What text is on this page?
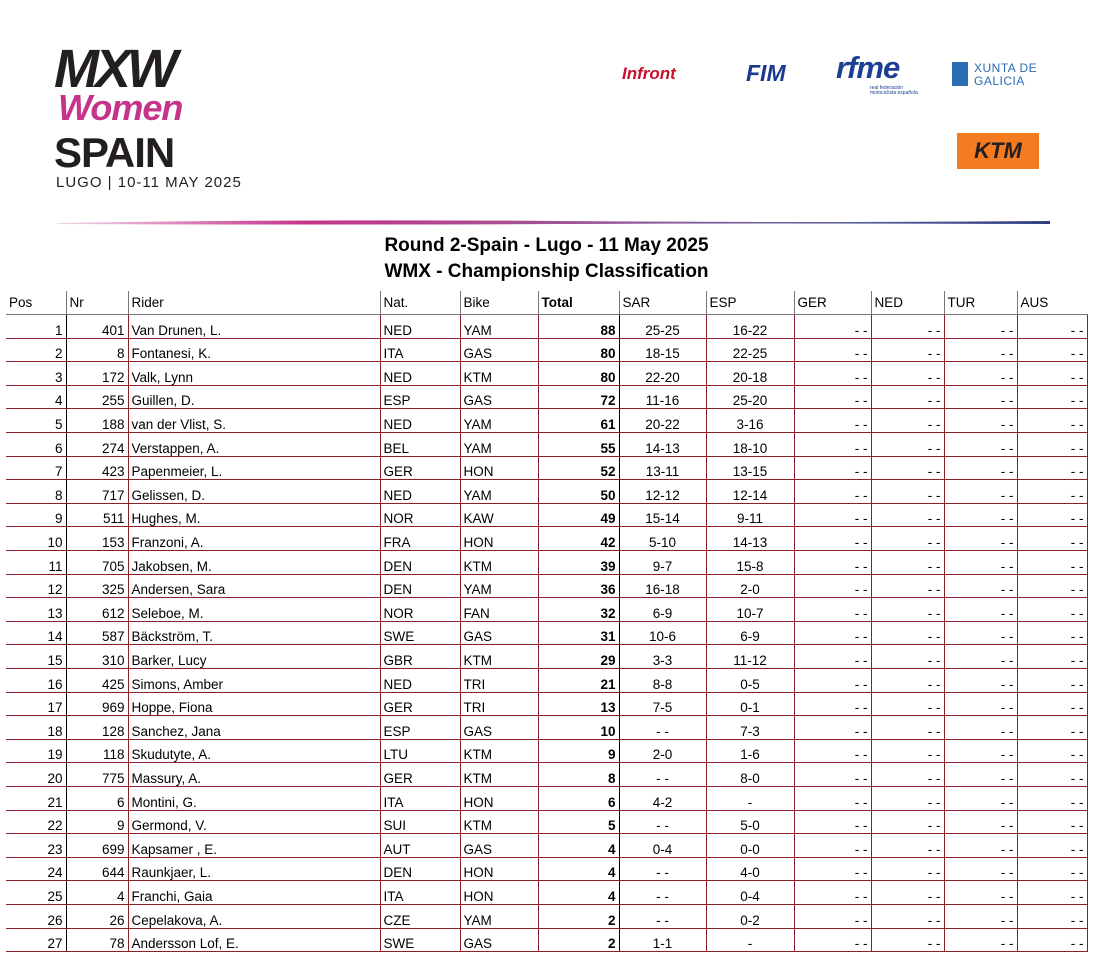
MXW
Women
SPAIN
LUGO | 10-11 MAY 2025
Infront	FIM rfme
real federación motociclista española
XUNTA DE GALICIA
KTM
Round 2-Spain - Lugo - 11 May 2025
WMX - Championship Classification
Pos	Nr	Rider	Nat.	Bike	Total	SAR	ESP	GER	NED	TUR	AUS
1	401	Van Drunen, L.	NED	YAM	88	25-25	16-22	- -	- -	- -	- -
2	8	Fontanesi, K.	ITA	GAS	80	18-15	22-25	- -	- -	- -	- -
3	172	Valk, Lynn	NED	KTM	80	22-20	20-18	- -	- -	- -	- -
4	255	Guillen, D.	ESP	GAS	72	11-16	25-20	- -	- -	- -	- -
5	188	van der Vlist, S.	NED	YAM	61	20-22	3-16	- -	- -	- -	- -
6	274	Verstappen, A.	BEL	YAM	55	14-13	18-10	- -	- -	- -	- -
7	423	Papenmeier, L.	GER	HON	52	13-11	13-15	- -	- -	- -	- -
8	717	Gelissen, D.	NED	YAM	50	12-12	12-14	- -	- -	- -	- -
9	511	Hughes, M.	NOR	KAW	49	15-14	9-11	- -	- -	- -	- -
10	153	Franzoni, A.	FRA	HON	42	5-10	14-13	- -	- -	- -	- -
11	705	Jakobsen, M.	DEN	KTM	39	9-7	15-8	- -	- -	- -	- -
12	325	Andersen, Sara	DEN	YAM	36	16-18	2-0	- -	- -	- -	- -
13	612	Seleboe, M.	NOR	FAN	32	6-9	10-7	- -	- -	- -	- -
14	587	Bäckström, T.	SWE	GAS	31	10-6	6-9	- -	- -	- -	- -
15	310	Barker, Lucy	GBR	KTM	29	3-3	11-12	- -	- -	- -	- -
16	425	Simons, Amber	NED	TRI	21	8-8	0-5	- -	- -	- -	- -
17	969	Hoppe, Fiona	GER	TRI	13	7-5	0-1	- -	- -	- -	- -
18	128	Sanchez, Jana	ESP	GAS	10	- -	7-3	- -	- -	- -	- -
19	118	Skudutyte, A.	LTU	KTM	9	2-0	1-6	- -	- -	- -	- -
20	775	Massury, A.	GER	KTM	8	- -	8-0	- -	- -	- -	- -
21	6	Montini, G.	ITA	HON	6	4-2	-	- -	- -	- -	- -
22	9	Germond, V.	SUI	KTM	5	- -	5-0	- -	- -	- -	- -
23	699	Kapsamer , E.	AUT	GAS	4	0-4	0-0	- -	- -	- -	- -
24	644	Raunkjaer, L.	DEN	HON	4	- -	4-0	- -	- -	- -	- -
25	4	Franchi, Gaia	ITA	HON	4	- -	0-4	- -	- -	- -	- -
26	26	Cepelakova, A.	CZE	YAM	2	- -	0-2	- -	- -	- -	- -
27	78	Andersson Lof, E.	SWE	GAS	2	1-1	-	- -	- -	- -	- -
